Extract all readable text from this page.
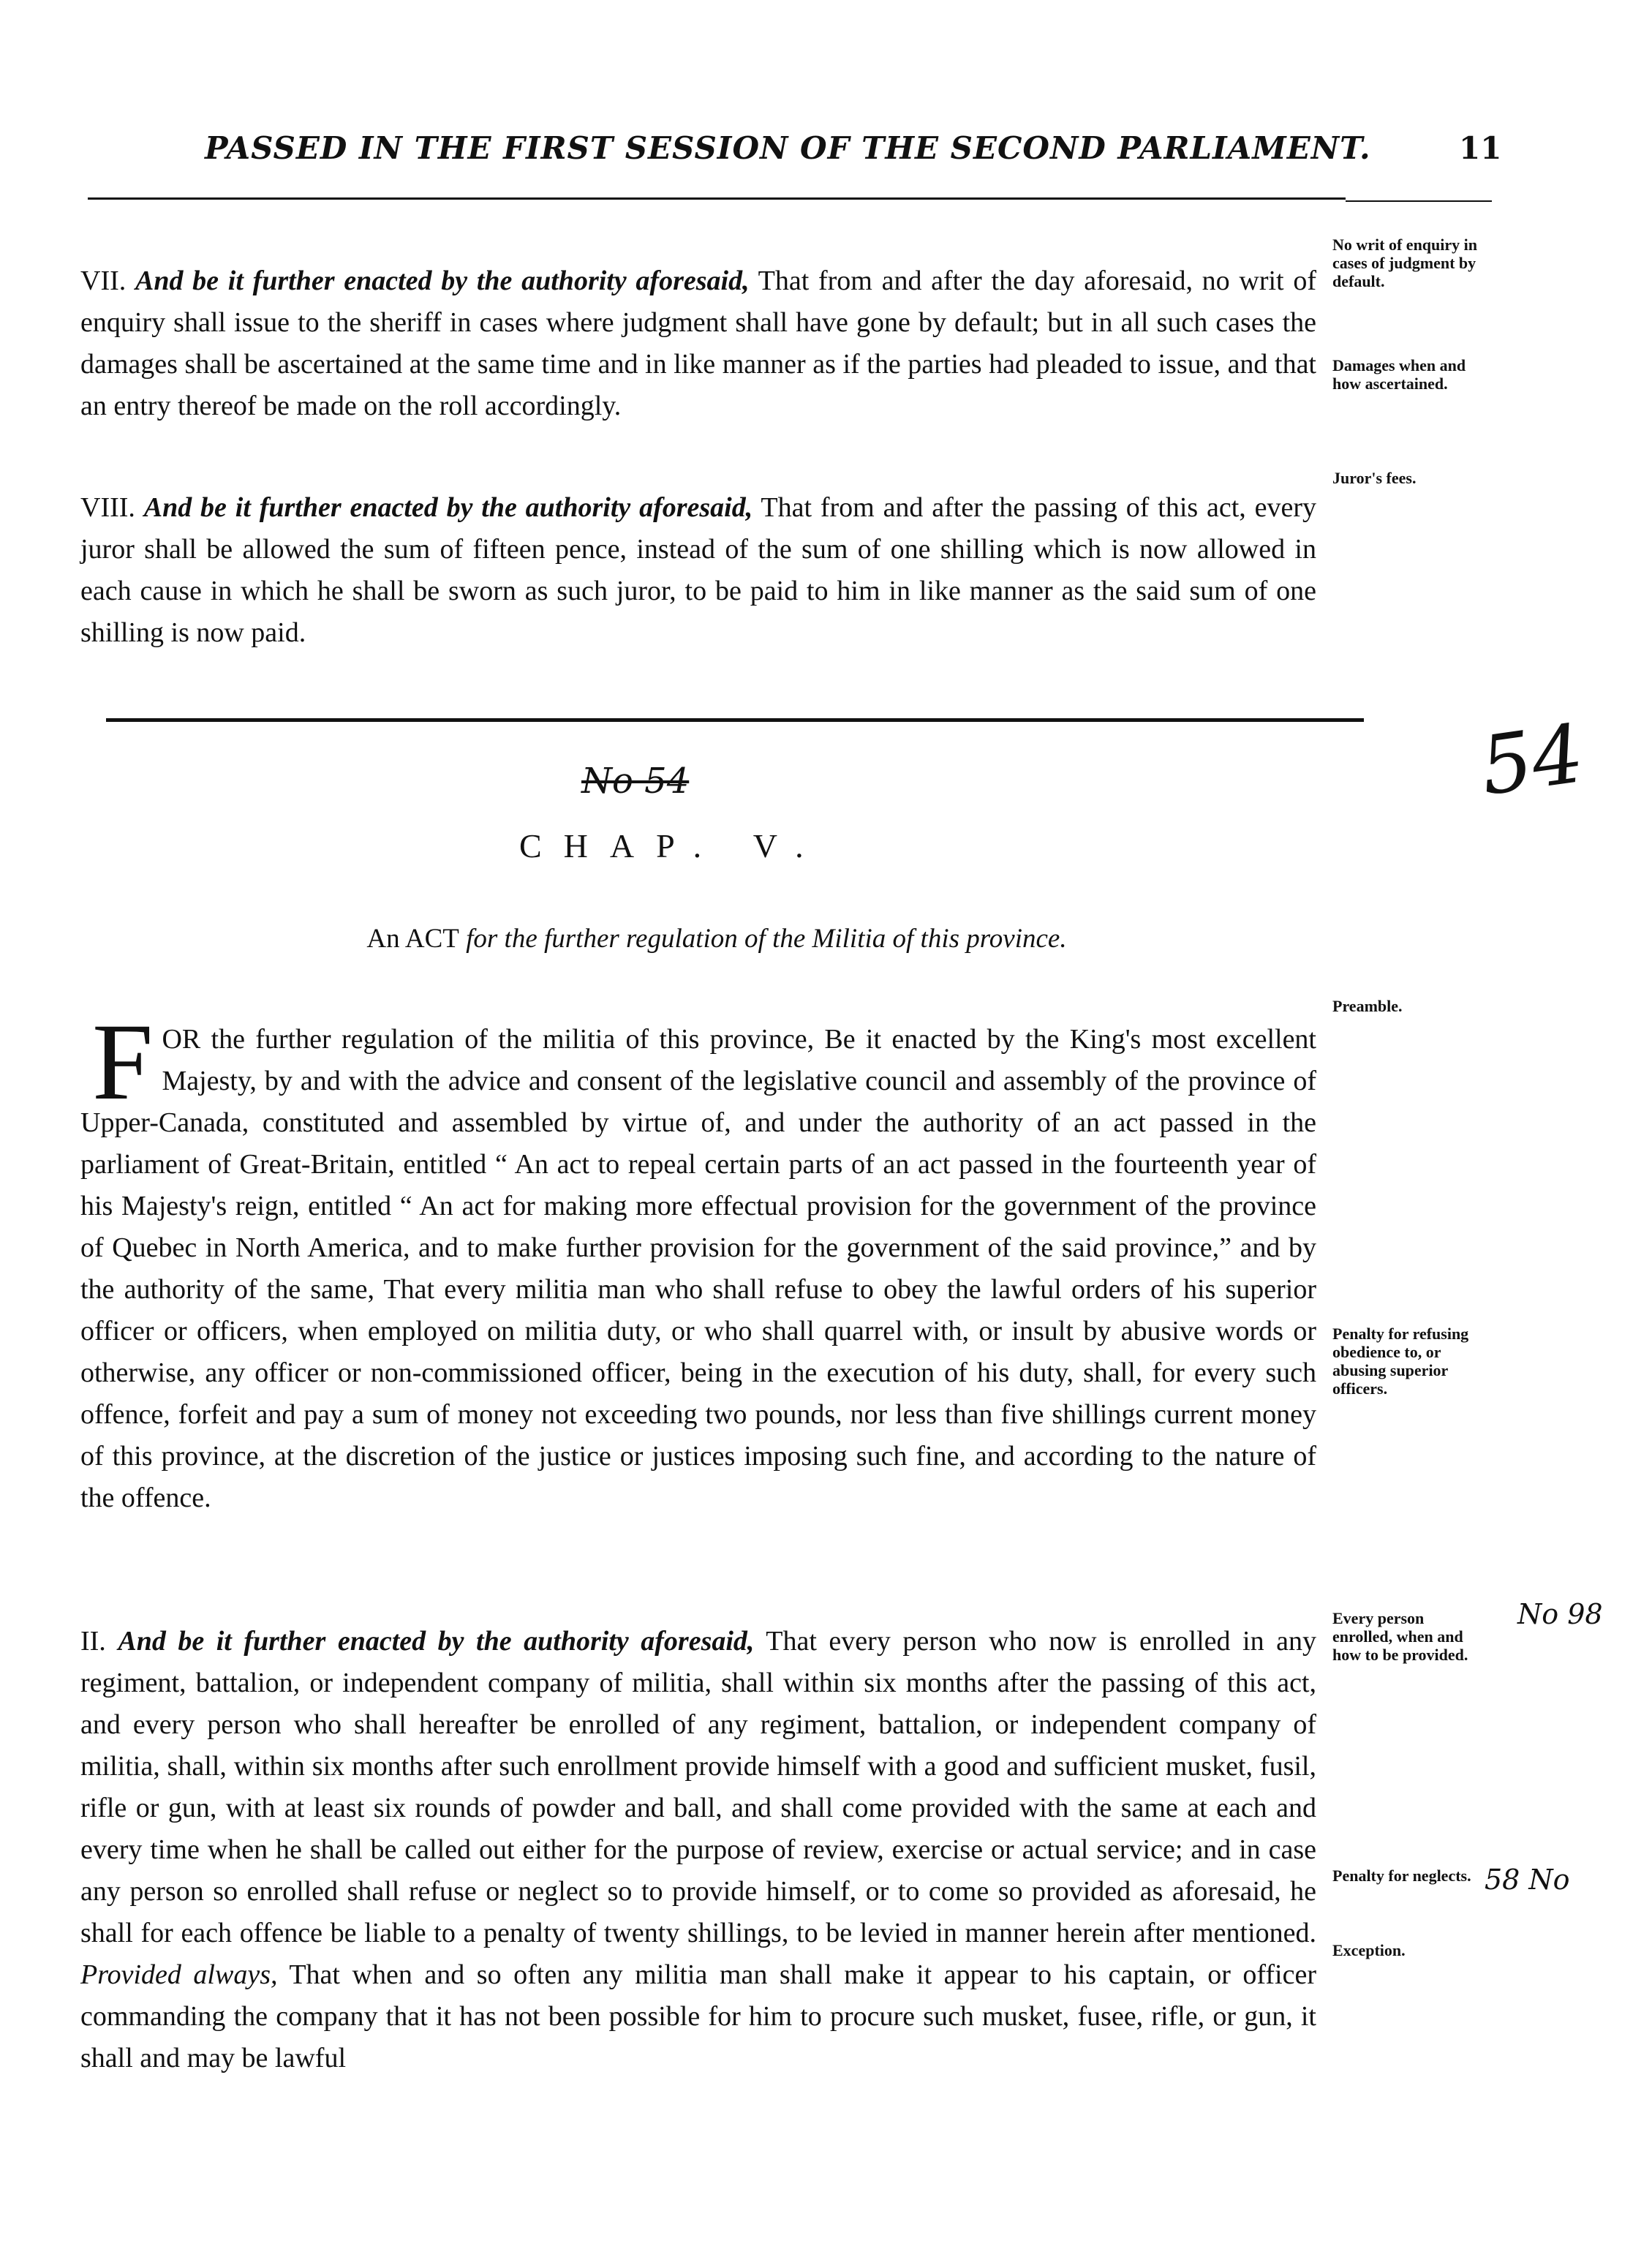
PASSED IN THE FIRST SESSION OF THE SECOND PARLIAMENT.	11

VII. And be it further enacted by the authority aforesaid, That from and after the day aforesaid, no writ of enquiry shall issue to the sheriff in cases where judgment shall have gone by default; but in all such cases the damages shall be ascertained at the same time and in like manner as if the parties had pleaded to issue, and that an entry thereof be made on the roll accordingly.

VIII. And be it further enacted by the authority aforesaid, That from and after the passing of this act, every juror shall be allowed the sum of fifteen pence, instead of the sum of one shilling which is now allowed in each cause in which he shall be sworn as such juror, to be paid to him in like manner as the said sum of one shilling is now paid.

No 54	54
CHAP. V.
An ACT for the further regulation of the Militia of this province.

FOR the further regulation of the militia of this province, Be it enacted by the King's most excellent Majesty, by and with the advice and consent of the legislative council and assembly of the province of Upper-Canada, constituted and assembled by virtue of, and under the authority of an act passed in the parliament of Great-Britain, entitled “ An act to repeal certain parts of an act passed in the fourteenth year of his Majesty's reign, entitled “ An act for making more effectual provision for the government of the province of Quebec in North America, and to make further provision for the government of the said province,” and by the authority of the same, That every militia man who shall refuse to obey the lawful orders of his superior officer or officers, when employed on militia duty, or who shall quarrel with, or insult by abusive words or otherwise, any officer or non-commissioned officer, being in the execution of his duty, shall, for every such offence, forfeit and pay a sum of money not exceeding two pounds, nor less than five shillings current money of this province, at the discretion of the justice or justices imposing such fine, and according to the nature of the offence.

II. And be it further enacted by the authority aforesaid, That every person who now is enrolled in any regiment, battalion, or independent company of militia, shall within six months after the passing of this act, and every person who shall hereafter be enrolled of any regiment, battalion, or independent company of militia, shall, within six months after such enrollment provide himself with a good and sufficient musket, fusil, rifle or gun, with at least six rounds of powder and ball, and shall come provided with the same at each and every time when he shall be called out either for the purpose of review, exercise or actual service; and in case any person so enrolled shall refuse or neglect so to provide himself, or to come so provided as aforesaid, he shall for each offence be liable to a penalty of twenty shillings, to be levied in manner herein after mentioned. Provided always, That when and so often any militia man shall make it appear to his captain, or officer commanding the company that it has not been possible for him to procure such musket, fusee, rifle, or gun, it shall and may be lawful

No writ of enquiry in cases of judgment by default.
Damages when and how ascertained.
Juror's fees.
Preamble.
Penalty for refusing obedience to, or abusing superior officers.
Every person enrolled, when and how to be provided.
Penalty for neglects.
Exception.
No 98
58 No
